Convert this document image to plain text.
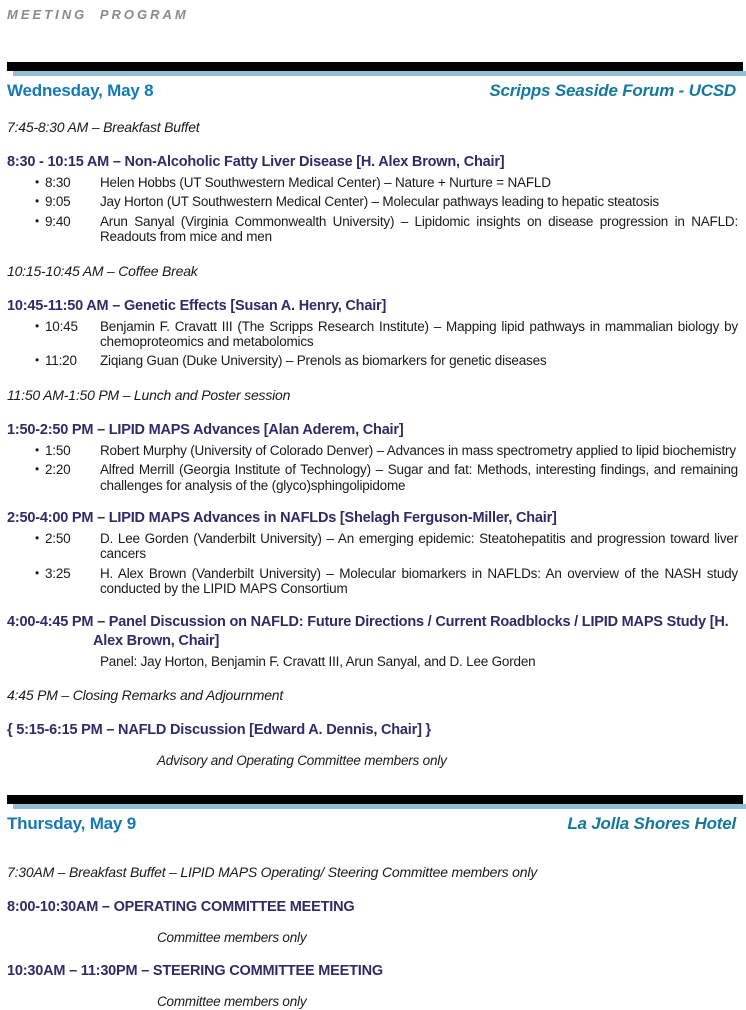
MEETING PROGRAM
Wednesday, May 8	Scripps Seaside Forum - UCSD

7:45-8:30 AM – Breakfast Buffet

8:30 - 10:15 AM – Non-Alcoholic Fatty Liver Disease [H. Alex Brown, Chair]
• 8:30	Helen Hobbs (UT Southwestern Medical Center) – Nature + Nurture = NAFLD
• 9:05	Jay Horton (UT Southwestern Medical Center) – Molecular pathways leading to hepatic steatosis
• 9:40	Arun Sanyal (Virginia Commonwealth University) – Lipidomic insights on disease progression in NAFLD: Readouts from mice and men

10:15-10:45 AM – Coffee Break

10:45-11:50 AM – Genetic Effects [Susan A. Henry, Chair]
• 10:45	Benjamin F. Cravatt III (The Scripps Research Institute) – Mapping lipid pathways in mammalian biology by chemoproteomics and metabolomics
• 11:20	Ziqiang Guan (Duke University) – Prenols as biomarkers for genetic diseases

11:50 AM-1:50 PM – Lunch and Poster session

1:50-2:50 PM – LIPID MAPS Advances [Alan Aderem, Chair]
• 1:50	Robert Murphy (University of Colorado Denver) – Advances in mass spectrometry applied to lipid biochemistry
• 2:20	Alfred Merrill (Georgia Institute of Technology) – Sugar and fat: Methods, interesting findings, and remaining challenges for analysis of the (glyco)sphingolipidome
2:50-4:00 PM – LIPID MAPS Advances in NAFLDs [Shelagh Ferguson-Miller, Chair]
• 2:50	D. Lee Gorden (Vanderbilt University) – An emerging epidemic: Steatohepatitis and progression toward liver cancers
• 3:25	H. Alex Brown (Vanderbilt University) – Molecular biomarkers in NAFLDs: An overview of the NASH study conducted by the LIPID MAPS Consortium
4:00-4:45 PM – Panel Discussion on NAFLD: Future Directions / Current Roadblocks / LIPID MAPS Study [H. Alex Brown, Chair]

Panel: Jay Horton, Benjamin F. Cravatt III, Arun Sanyal, and D. Lee Gorden

4:45 PM – Closing Remarks and Adjournment

{ 5:15-6:15 PM – NAFLD Discussion [Edward A. Dennis, Chair] }

Advisory and Operating Committee members only

Thursday, May 9	La Jolla Shores Hotel

7:30AM – Breakfast Buffet – LIPID MAPS Operating/ Steering Committee members only

8:00-10:30AM – OPERATING COMMITTEE MEETING

Committee members only

10:30AM – 11:30PM – STEERING COMMITTEE MEETING

Committee members only
